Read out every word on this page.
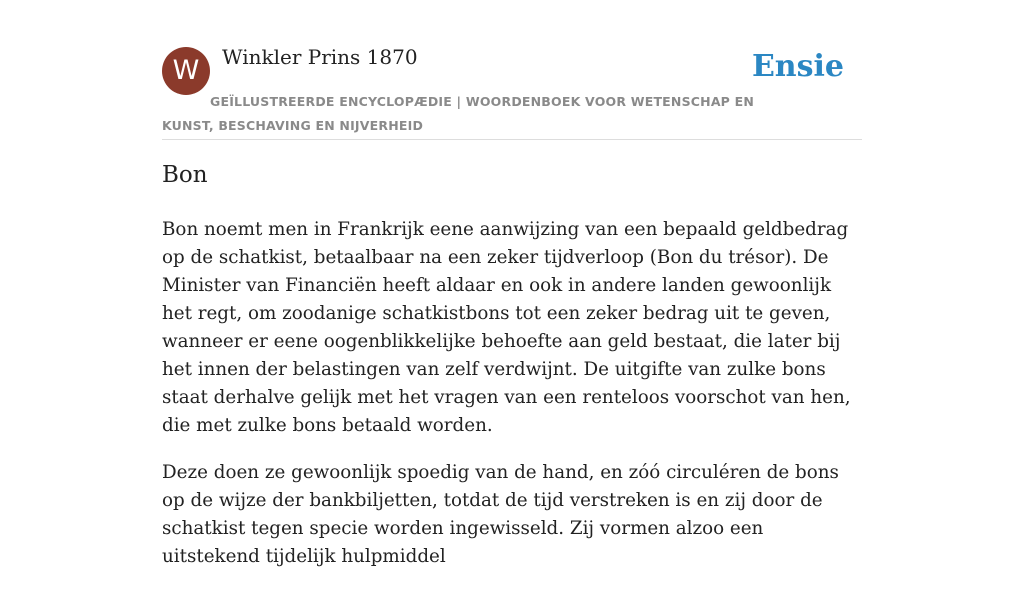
W	Winkler Prins 1870
GEÏLLUSTREERDE ENCYCLOPÆDIE | WOORDENBOEK VOOR WETENSCHAP EN KUNST, BESCHAVING EN NIJVERHEID
Ensie
Bon

Bon noemt men in Frankrijk eene aanwijzing van een bepaald geldbedrag op de schatkist, betaalbaar na een zeker tijdverloop (Bon du trésor). De Minister van Financiën heeft aldaar en ook in andere landen gewoonlijk het regt, om zoodanige schatkistbons tot een zeker bedrag uit te geven, wanneer er eene oogenblikkelijke behoefte aan geld bestaat, die later bij het innen der belastingen van zelf verdwijnt. De uitgifte van zulke bons staat derhalve gelijk met het vragen van een renteloos voorschot van hen, die met zulke bons betaald worden.

Deze doen ze gewoonlijk spoedig van de hand, en zóó circuléren de bons op de wijze der bankbiljetten, totdat de tijd verstreken is en zij door de schatkist tegen specie worden ingewisseld. Zij vormen alzoo een uitstekend tijdelijk hulpmiddel
